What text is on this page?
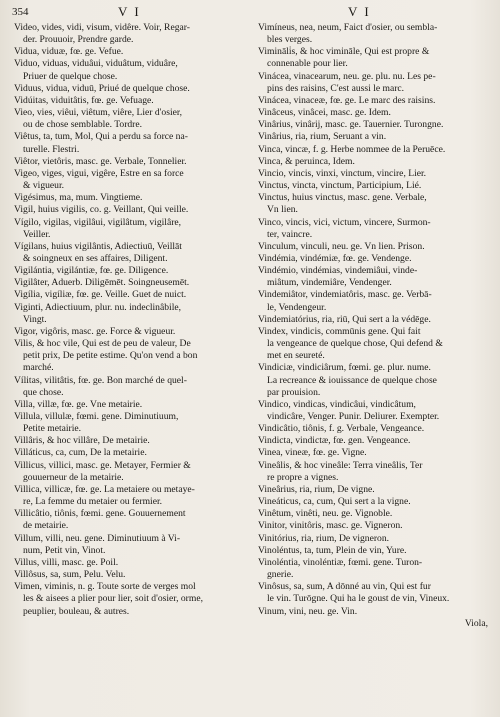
354	V I	V I
Video, vides, vidi, visum, vidêre. Voir, Regar-
der. Prouuoir, Prendre garde.
Vidua, viduæ, fœ. ge. Vefue.
Viduo, viduas, viduâui, viduâtum, viduâre,
Priuer de quelque chose.
Viduus, vidua, viduū, Priué de quelque chose.
Vidúitas, viduitâtis, fœ. ge. Vefuage.
Vieo, vies, viêui, viêtum, viêre, Lier d'osier,
ou de chose semblable. Tordre.
Viêtus, ta, tum, Mol, Qui a perdu sa force na-
turelle. Flestri.
Viêtor, vietôris, masc. ge. Verbale, Tonnelier.
Vigeo, viges, vigui, vigêre, Estre en sa force
& vigueur.
Vigésimus, ma, mum. Vingtieme.
Vigil, huius vigilis, co. g. Veillant, Qui veille.
Vígilo, vigilas, vigilâui, vigilâtum, vigilâre,
Veiller.
Vígilans, huius vigilântis, Adiectiuū, Veillāt
& soingneux en ses affaires, Diligent.
Vigilántia, vigilántiæ, fœ. ge. Diligence.
Vigilâter, Aduerb. Diligēmēt. Soingneusemēt.
Vigília, vigíliæ, fœ. ge. Veille. Guet de nuict.
Viginti, Adiectiuum, plur. nu. indeclinâbile,
Vingt.
Vigor, vigôris, masc. ge. Force & vigueur.
Vilis, & hoc vile, Qui est de peu de valeur, De
petit prix, De petite estime. Qu'on vend a bon
marché.
Vílitas, vilitâtis, fœ. ge. Bon marché de quel-
que chose.
Villa, villæ, fœ. ge. Vne metairie.
Villula, villulæ, fœmi. gene. Diminutiuum,
Petite metairie.
Villâris, & hoc villâre, De metairie.
Villáticus, ca, cum, De la metairie.
Villicus, villici, masc. ge. Metayer, Fermier &
gouuerneur de la metairie.
Villica, villicæ, fœ. ge. La metaiere ou metaye-
re, La femme du metaier ou fermier.
Villicâtio, tiônis, fœmi. gene. Gouuernement
de metairie.
Villum, villi, neu. gene. Diminutiuum à Vi-
num, Petit vin, Vinot.
Villus, villi, masc. ge. Poil.
Villôsus, sa, sum, Pelu. Velu.
Vimen, viminis, n. g. Toute sorte de verges mol
les & aisees a plier pour lier, soit d'osier, orme,
peuplier, bouleau, & autres.
Vimíneus, nea, neum, Faict d'osier, ou sembla-
bles verges.
Vimināli̇s, & hoc vimināle, Qui est propre &
connenable pour lier.
Vinácea, vinacearum, neu. ge. plu. nu. Les pe-
pins des raisins, C'est aussi le marc.
Vinácea, vinaceæ, fœ. ge. Le marc des raisins.
Vinâceus, vinâcei, masc. ge. Idem.
Vinârius, vinârij, masc. ge. Tauernier. Turongne.
Vinârius, ria, rium, Seruant a vin.
Vinca, vincæ, f. g. Herbe nommee de la Peruēce.
Vinca, & peruinca, Idem.
Vincio, vincis, vinxi, vinctum, vincire, Lier.
Vinctus, vincta, vinctum, Participium, Lié.
Vinctus, huius vinctus, masc. gene. Verbale,
Vn lien.
Vinco, vincis, vici, victum, vincere, Surmon-
ter, vaincre.
Vinculum, vinculi, neu. ge. Vn lien. Prison.
Vindémia, vindémiæ, fœ. ge. Vendenge.
Vindémio, vindémias, vindemiâui, vinde-
miâtum, vindemiâre, Vendenger.
Vindemiâtor, vindemiatôris, masc. ge. Verbā-
le, Vendengeur.
Vindemiatórius, ria, riū, Qui sert a la védēge.
Vindex, vindicis, commūnis gene. Qui fait
la vengeance de quelque chose, Qui defend &
met en seureté.
Vindiciæ, vindiciârum, fœmi. ge. plur. nume.
La recreance & iouissance de quelque chose
par prouision.
Vindico, vindicas, vindicâui, vindicâtum,
vindicâre, Venger. Punir. Deliurer. Exempter.
Vindicâtio, tiônis, f. g. Verbale, Vengeance.
Vindicta, vindictæ, fœ. gen. Vengeance.
Vinea, vineæ, fœ. ge. Vigne.
Vineâlis, & hoc vineâle: Terra vineâlis, Ter
re propre a vignes.
Vineârius, ria, rium, De vigne.
Vineáticus, ca, cum, Qui sert a la vigne.
Vinêtum, vinêti, neu. ge. Vignoble.
Vinitor, vinitôris, masc. ge. Vigneron.
Vinitórius, ria, rium, De vigneron.
Vinoléntus, ta, tum, Plein de vin, Yure.
Vinoléntia, vinoléntiæ, fœmi. gene. Turon-
gnerie.
Vinôsus, sa, sum, A dōnné au vin, Qui est fur
le vin. Turōgne. Qui ha le goust de vin, Vineux.
Vinum, vini, neu. ge. Vin.
Viola,
